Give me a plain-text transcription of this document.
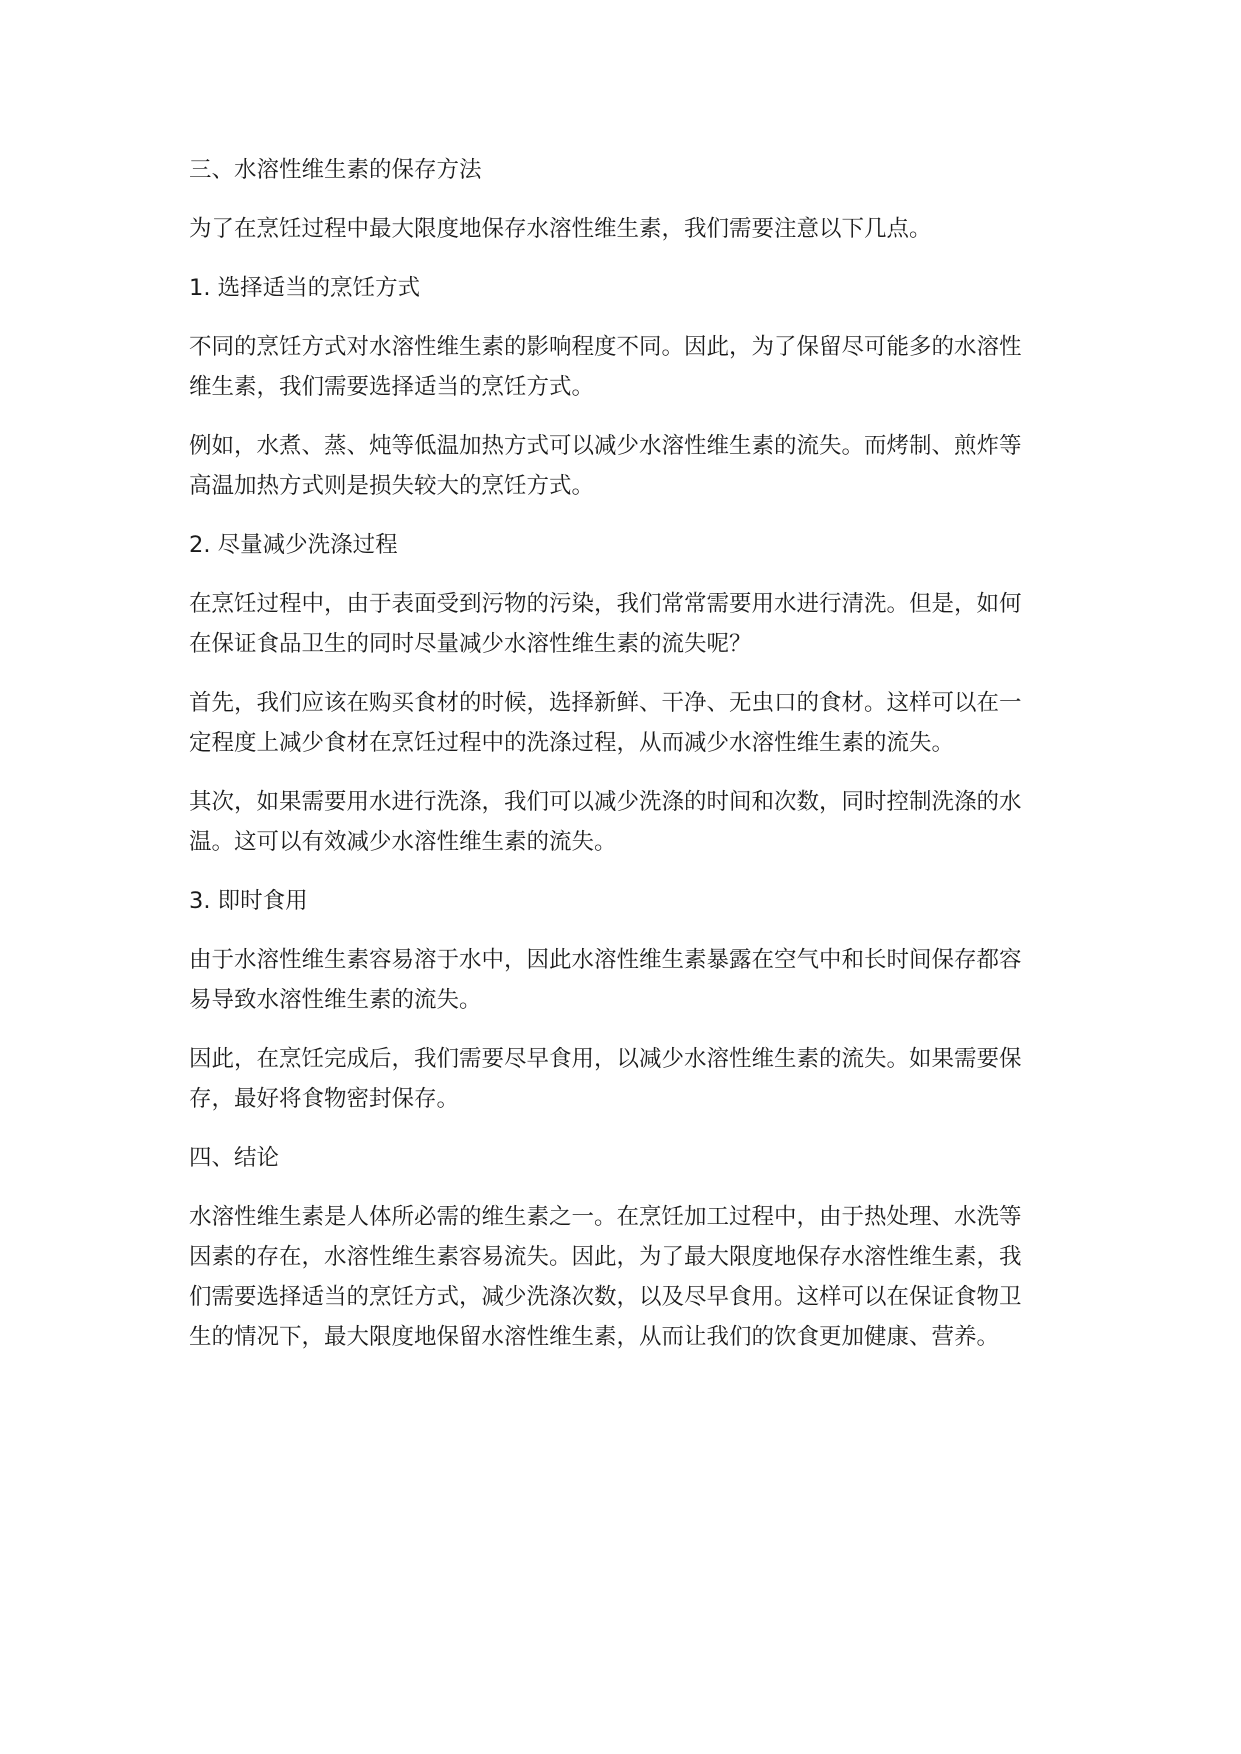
三、水溶性维生素的保存方法

为了在烹饪过程中最大限度地保存水溶性维生素，我们需要注意以下几点。

1. 选择适当的烹饪方式

不同的烹饪方式对水溶性维生素的影响程度不同。因此，为了保留尽可能多的水溶性

维生素，我们需要选择适当的烹饪方式。

例如，水煮、蒸、炖等低温加热方式可以减少水溶性维生素的流失。而烤制、煎炸等

高温加热方式则是损失较大的烹饪方式。

2. 尽量减少洗涤过程

在烹饪过程中，由于表面受到污物的污染，我们常常需要用水进行清洗。但是，如何

在保证食品卫生的同时尽量减少水溶性维生素的流失呢？

首先，我们应该在购买食材的时候，选择新鲜、干净、无虫口的食材。这样可以在一

定程度上减少食材在烹饪过程中的洗涤过程，从而减少水溶性维生素的流失。

其次，如果需要用水进行洗涤，我们可以减少洗涤的时间和次数，同时控制洗涤的水

温。这可以有效减少水溶性维生素的流失。

3. 即时食用

由于水溶性维生素容易溶于水中，因此水溶性维生素暴露在空气中和长时间保存都容

易导致水溶性维生素的流失。

因此，在烹饪完成后，我们需要尽早食用，以减少水溶性维生素的流失。如果需要保

存，最好将食物密封保存。

四、结论

水溶性维生素是人体所必需的维生素之一。在烹饪加工过程中，由于热处理、水洗等

因素的存在，水溶性维生素容易流失。因此，为了最大限度地保存水溶性维生素，我

们需要选择适当的烹饪方式，减少洗涤次数，以及尽早食用。这样可以在保证食物卫

生的情况下，最大限度地保留水溶性维生素，从而让我们的饮食更加健康、营养。
